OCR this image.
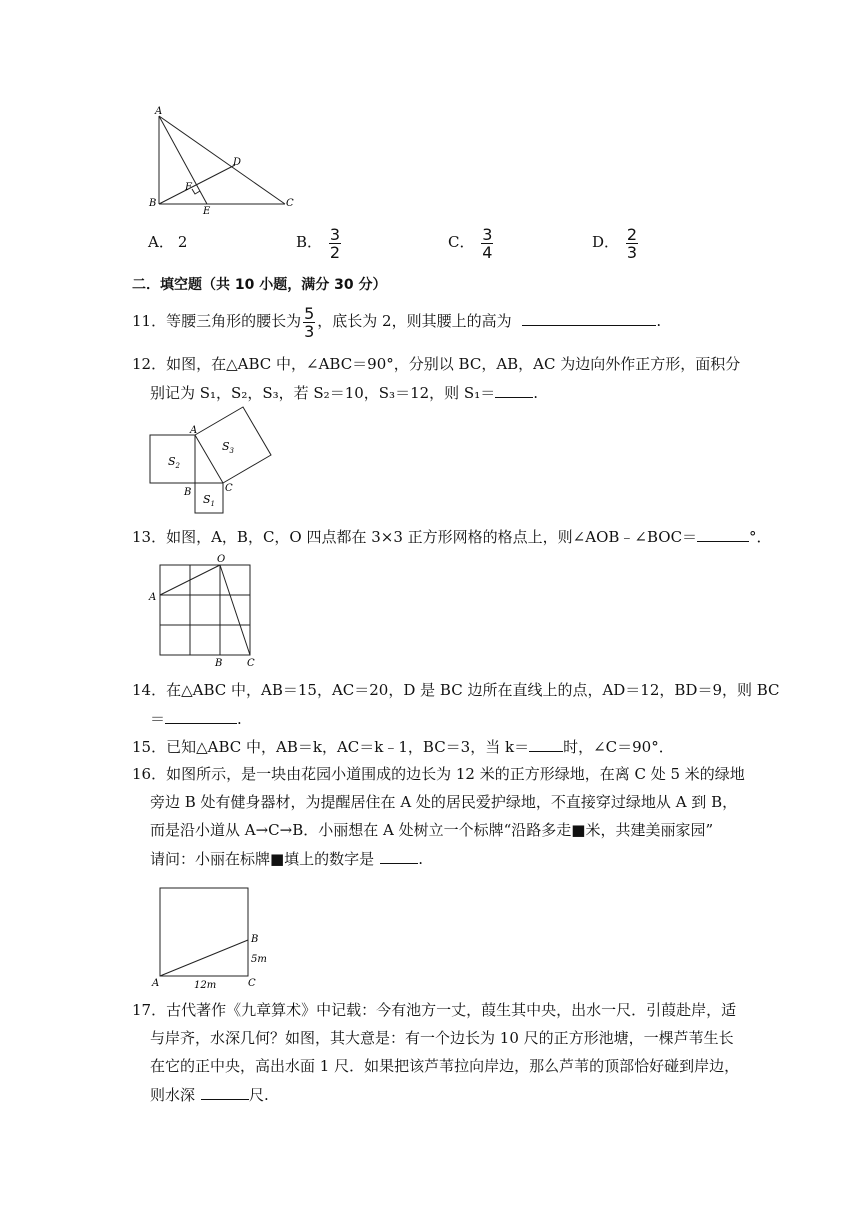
A
B	C
D
E
F
A． 2	B． $\frac{3}{2}$	C． $\frac{3}{4}$	D． $\frac{2}{3}$
二．填空题（共 10 小题，满分 30 分）
11．等腰三角形的腰长为 $\frac{5}{3}$ ，底长为 2，则其腰上的高为	.
12．如图，在△ABC 中，∠ABC＝90°，分别以 BC，AB，AC 为边向外作正方形，面积分
别记为 S₁，S₂，S₃，若 S₂＝10，S₃＝12，则 S₁＝	.
$S_2$
$S_1$
$S_3$
A
B	C
13．如图，A，B，C，O 四点都在 3×3 正方形网格的格点上，则∠AOB﹣∠BOC＝	°．
O
A
B C
14．在△ABC 中，AB＝15，AC＝20，D 是 BC 边所在直线上的点，AD＝12，BD＝9，则 BC
＝	.
15．已知△ABC 中，AB＝k，AC＝k﹣1，BC＝3，当 k＝ 时，∠C＝90°．
16．如图所示，是一块由花园小道围成的边长为 12 米的正方形绿地，在离 C 处 5 米的绿地
旁边 B 处有健身器材，为提醒居住在 A 处的居民爱护绿地，不直接穿过绿地从 A 到 B，
而是沿小道从 A→C→B．小丽想在 A 处树立一个标牌“沿路多走■米，共建美丽家园”
请问：小丽在标牌■填上的数字是	.
B
5m
A	C
12m
17．古代著作《九章算术》中记载：今有池方一丈，葭生其中央，出水一尺．引葭赴岸，适
与岸齐，水深几何？如图，其大意是：有一个边长为 10 尺的正方形池塘，一棵芦苇生长
在它的正中央，高出水面 1 尺．如果把该芦苇拉向岸边，那么芦苇的顶部恰好碰到岸边，
则水深	尺.
